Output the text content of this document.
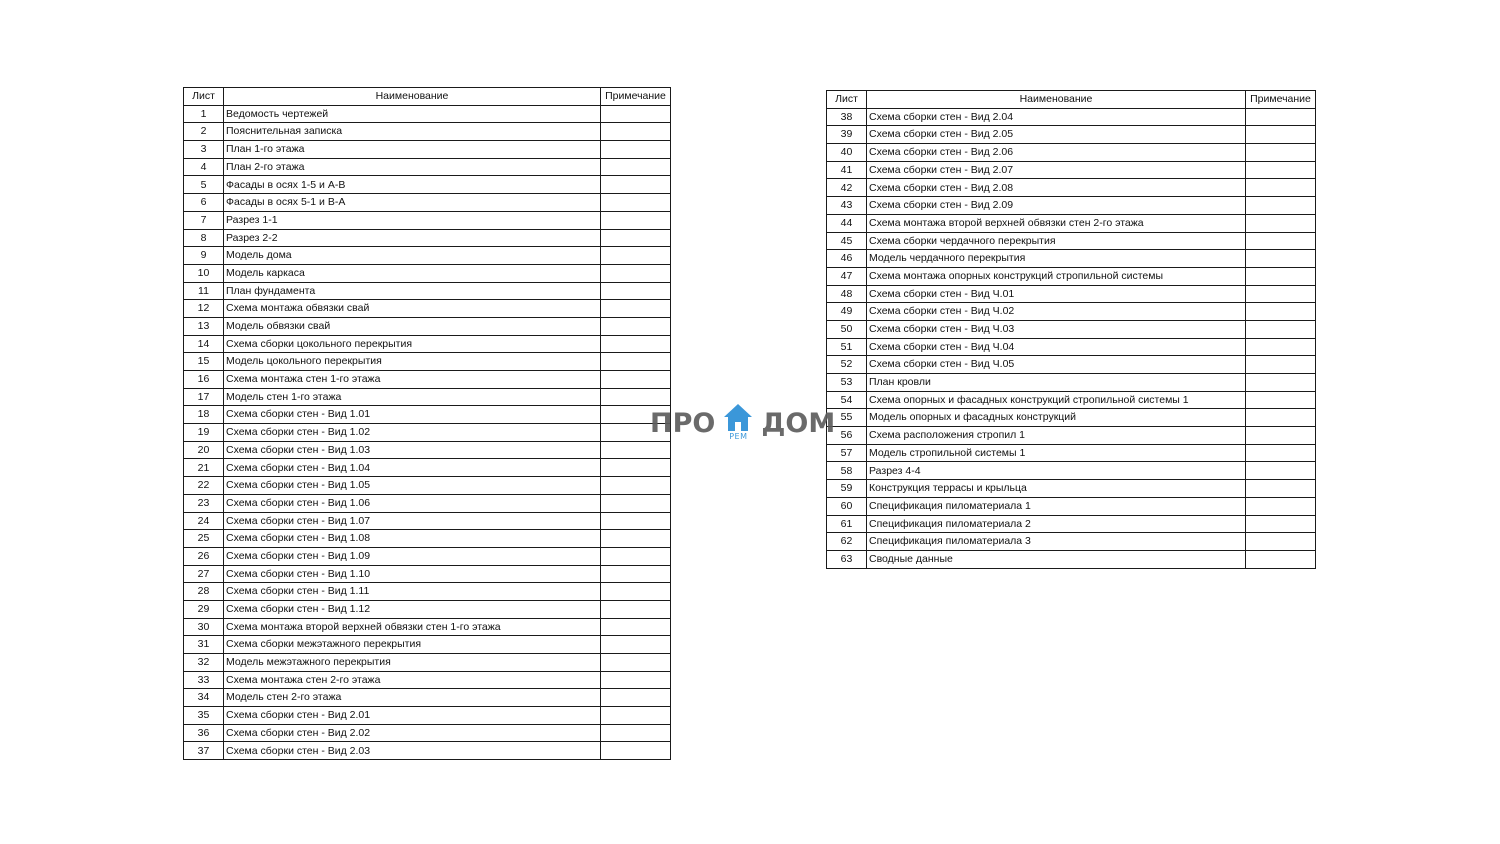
Лист	Наименование	Примечание
1	Ведомость чертежей	
2	Пояснительная записка	
3	План 1-го этажа	
4	План 2-го этажа	
5	Фасады в осях 1-5 и А-В	
6	Фасады в осях 5-1 и В-А	
7	Разрез 1-1	
8	Разрез 2-2	
9	Модель дома	
10	Модель каркаса	
11	План фундамента	
12	Схема монтажа обвязки свай	
13	Модель обвязки свай	
14	Схема сборки цокольного перекрытия	
15	Модель цокольного перекрытия	
16	Схема монтажа стен 1-го этажа	
17	Модель стен 1-го этажа	
18	Схема сборки стен - Вид 1.01	
19	Схема сборки стен - Вид 1.02	
20	Схема сборки стен - Вид 1.03	
21	Схема сборки стен - Вид 1.04	
22	Схема сборки стен - Вид 1.05	
23	Схема сборки стен - Вид 1.06	
24	Схема сборки стен - Вид 1.07	
25	Схема сборки стен - Вид 1.08	
26	Схема сборки стен - Вид 1.09	
27	Схема сборки стен - Вид 1.10	
28	Схема сборки стен - Вид 1.11	
29	Схема сборки стен - Вид 1.12	
30	Схема монтажа второй верхней обвязки стен 1-го этажа	
31	Схема сборки межэтажного перекрытия	
32	Модель межэтажного перекрытия	
33	Схема монтажа стен 2-го этажа	
34	Модель стен 2-го этажа	
35	Схема сборки стен - Вид 2.01	
36	Схема сборки стен - Вид 2.02	
37	Схема сборки стен - Вид 2.03	
Лист	Наименование	Примечание
38	Схема сборки стен - Вид 2.04	
39	Схема сборки стен - Вид 2.05	
40	Схема сборки стен - Вид 2.06	
41	Схема сборки стен - Вид 2.07	
42	Схема сборки стен - Вид 2.08	
43	Схема сборки стен - Вид 2.09	
44	Схема монтажа второй верхней обвязки стен 2-го этажа	
45	Схема сборки чердачного перекрытия	
46	Модель чердачного перекрытия	
47	Схема монтажа опорных конструкций стропильной системы	
48	Схема сборки стен - Вид Ч.01	
49	Схема сборки стен - Вид Ч.02	
50	Схема сборки стен - Вид Ч.03	
51	Схема сборки стен - Вид Ч.04	
52	Схема сборки стен - Вид Ч.05	
53	План кровли	
54	Схема опорных и фасадных конструкций стропильной системы 1	
55	Модель опорных и фасадных конструкций	
56	Схема расположения стропил 1	
57	Модель стропильной системы 1	
58	Разрез 4-4	
59	Конструкция террасы и крыльца	
60	Спецификация пиломатериала 1	
61	Спецификация пиломатериала 2	
62	Спецификация пиломатериала 3	
63	Сводные данные	
ПРО	РЕМ ДОМ
